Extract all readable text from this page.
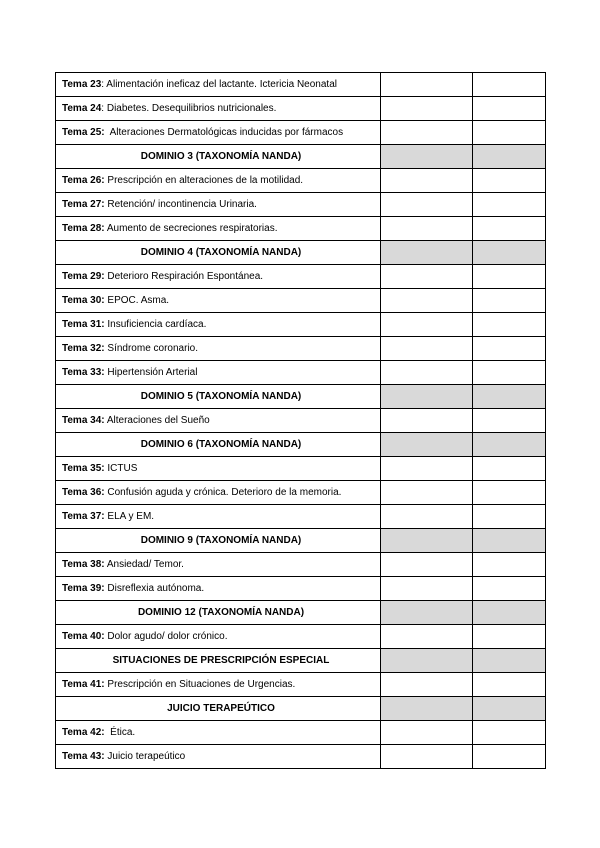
Tema 23: Alimentación ineficaz del lactante. Ictericia Neonatal		
Tema 24: Diabetes. Desequilibrios nutricionales.		
Tema 25:  Alteraciones Dermatológicas inducidas por fármacos		
DOMINIO 3 (TAXONOMÍA NANDA)		
Tema 26: Prescripción en alteraciones de la motilidad.		
Tema 27: Retención/ incontinencia Urinaria.		
Tema 28: Aumento de secreciones respiratorias.		
DOMINIO 4 (TAXONOMÍA NANDA)		
Tema 29: Deterioro Respiración Espontánea.		
Tema 30: EPOC. Asma.		
Tema 31: Insuficiencia cardíaca.		
Tema 32: Síndrome coronario.		
Tema 33: Hipertensión Arterial		
DOMINIO 5 (TAXONOMÍA NANDA)		
Tema 34: Alteraciones del Sueño		
DOMINIO 6 (TAXONOMÍA NANDA)		
Tema 35: ICTUS		
Tema 36: Confusión aguda y crónica. Deterioro de la memoria.		
Tema 37: ELA y EM.		
DOMINIO 9 (TAXONOMÍA NANDA)		
Tema 38: Ansiedad/ Temor.		
Tema 39: Disreflexia autónoma.		
DOMINIO 12 (TAXONOMÍA NANDA)		
Tema 40: Dolor agudo/ dolor crónico.		
SITUACIONES DE PRESCRIPCIÓN ESPECIAL		
Tema 41: Prescripción en Situaciones de Urgencias.		
JUICIO TERAPEÚTICO		
Tema 42:  Ética.		
Tema 43: Juicio terapeútico		
